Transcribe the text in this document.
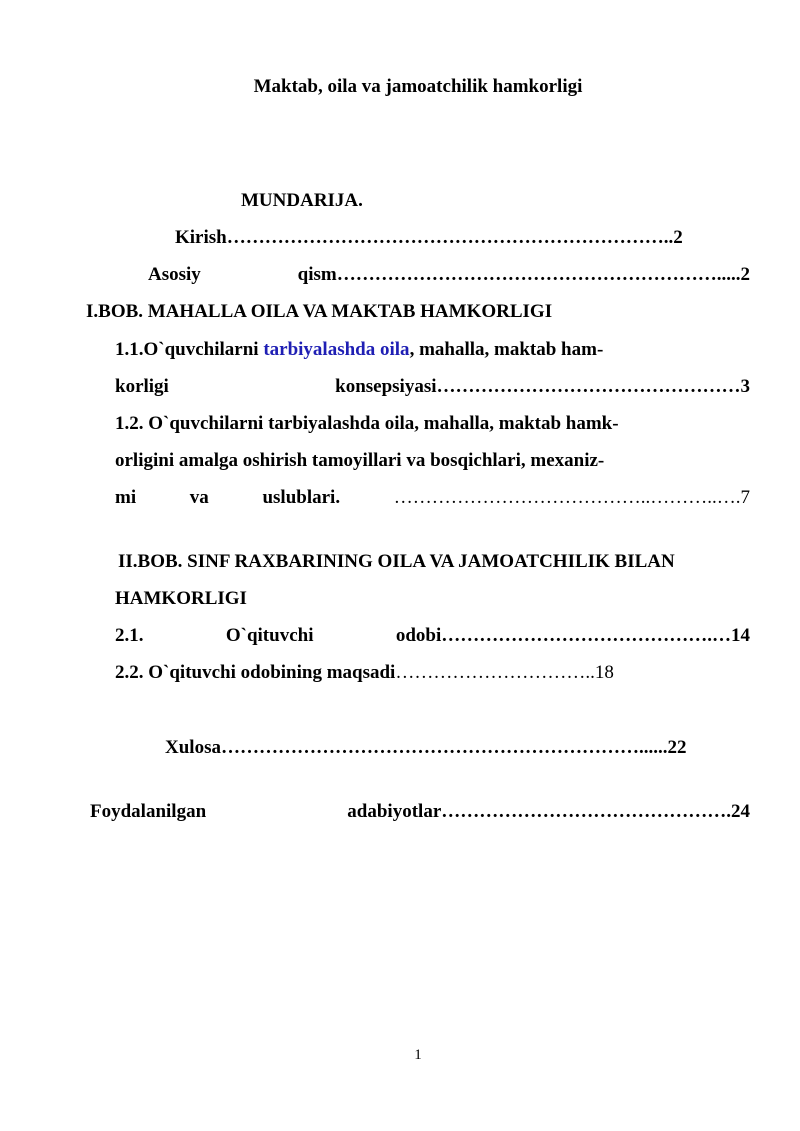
Maktab, oila va jamoatchilik hamkorligi
MUNDARIJA.
Kirish……………………………………………………………..2
Asosiy	qism…………………………………………………….....2
I.BOB. MAHALLA OILA VA MAKTAB HAMKORLIGI
1.1.O`quvchilarni tarbiyalashda oila, mahalla, maktab ham-
korligi	konsepsiyasi…………………………………………3
1.2. O`quvchilarni tarbiyalashda oila, mahalla, maktab hamk-
orligini amalga oshirish tamoyillari va bosqichlari, mexaniz-
mi	va	uslublari.	…………………………………..………..….7
II.BOB. SINF RAXBARINING OILA VA JAMOATCHILIK BILAN
HAMKORLIGI
2.1.	O`qituvchi	odobi…………………………………….…14
2.2. O`qituvchi odobining maqsadi…………………………..18
Xulosa…………………………………………………………......22
Foydalanilgan	adabiyotlar……………………………………….24
1
